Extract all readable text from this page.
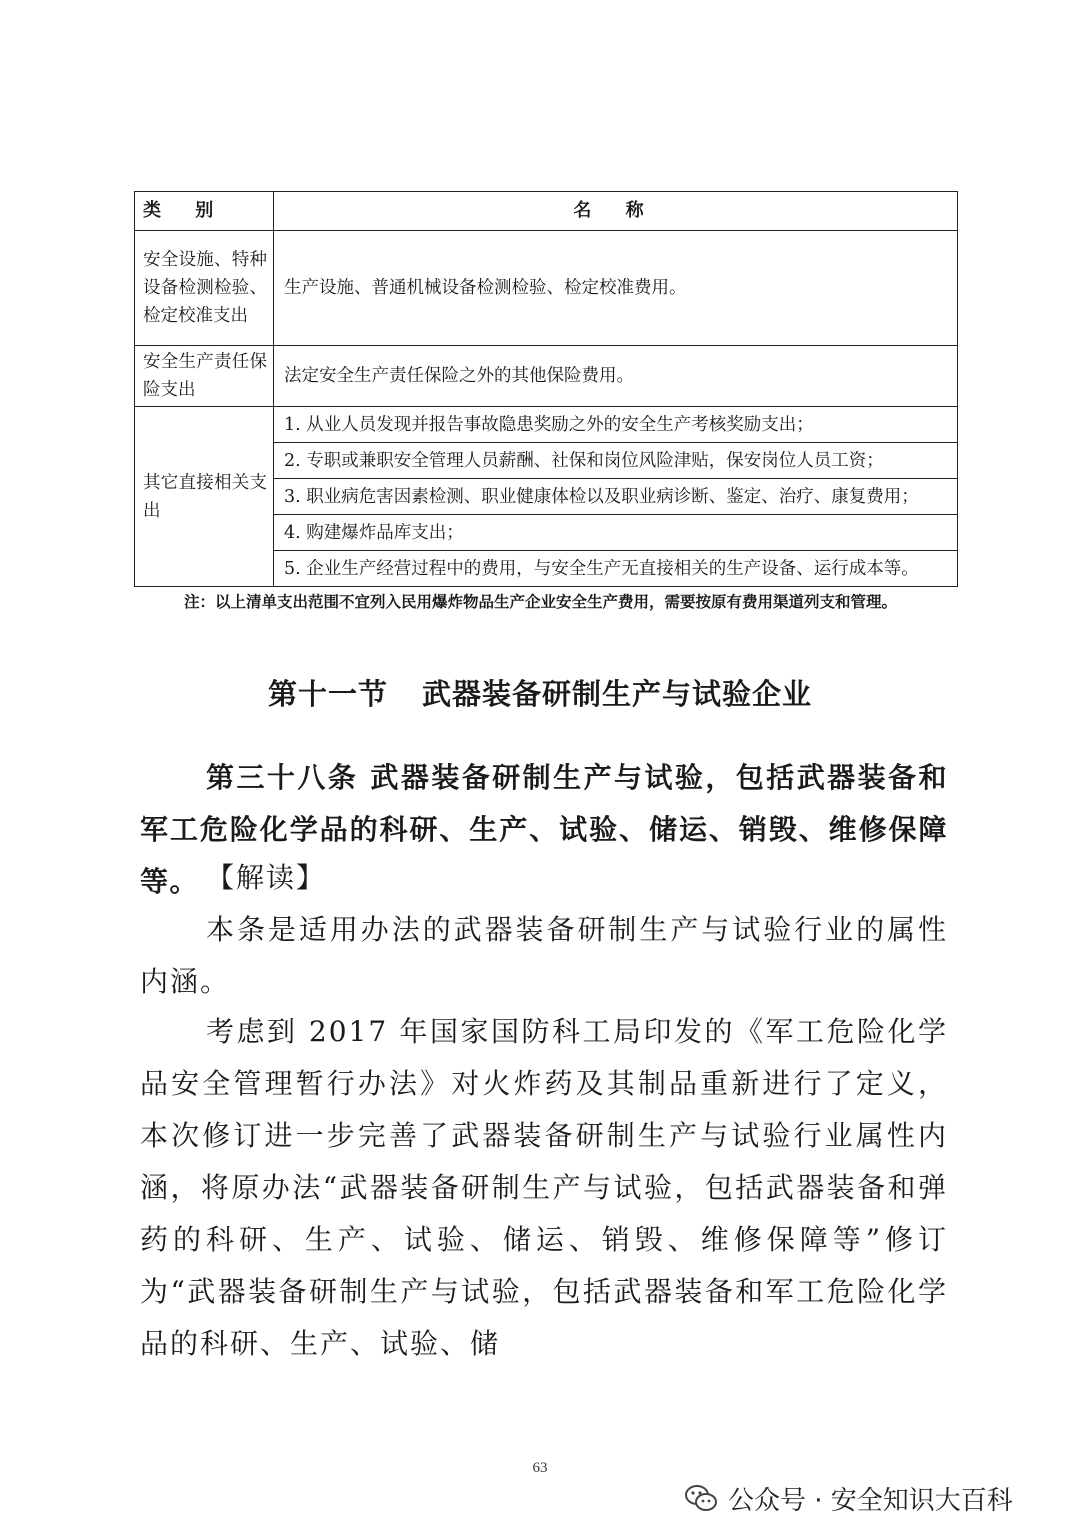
类 别	名 称
安全设施、特种设备检测检验、检定校准支出	生产设施、普通机械设备检测检验、检定校准费用。
安全生产责任保险支出	法定安全生产责任保险之外的其他保险费用。
其它直接相关支出	1. 从业人员发现并报告事故隐患奖励之外的安全生产考核奖励支出；
	2. 专职或兼职安全管理人员薪酬、社保和岗位风险津贴，保安岗位人员工资；
	3. 职业病危害因素检测、职业健康体检以及职业病诊断、鉴定、治疗、康复费用；
	4. 购建爆炸品库支出；
	5. 企业生产经营过程中的费用，与安全生产无直接相关的生产设备、运行成本等。
注：以上清单支出范围不宜列入民用爆炸物品生产企业安全生产费用，需要按原有费用渠道列支和管理。
第十一节 武器装备研制生产与试验企业
第三十八条 武器装备研制生产与试验，包括武器装备和军工危险化学品的科研、生产、试验、储运、销毁、维修保障等。 【解读】
本条是适用办法的武器装备研制生产与试验行业的属性内涵。
考虑到 2017 年国家国防科工局印发的《军工危险化学品安全管理暂行办法》对火炸药及其制品重新进行了定义，本次修订进一步完善了武器装备研制生产与试验行业属性内涵，将原办法“武器装备研制生产与试验，包括武器装备和弹药的科研、生产、试验、储运、销毁、维修保障等”修订为“武器装备研制生产与试验，包括武器装备和军工危险化学品的科研、生产、试验、储
63
公众号 · 安全知识大百科
